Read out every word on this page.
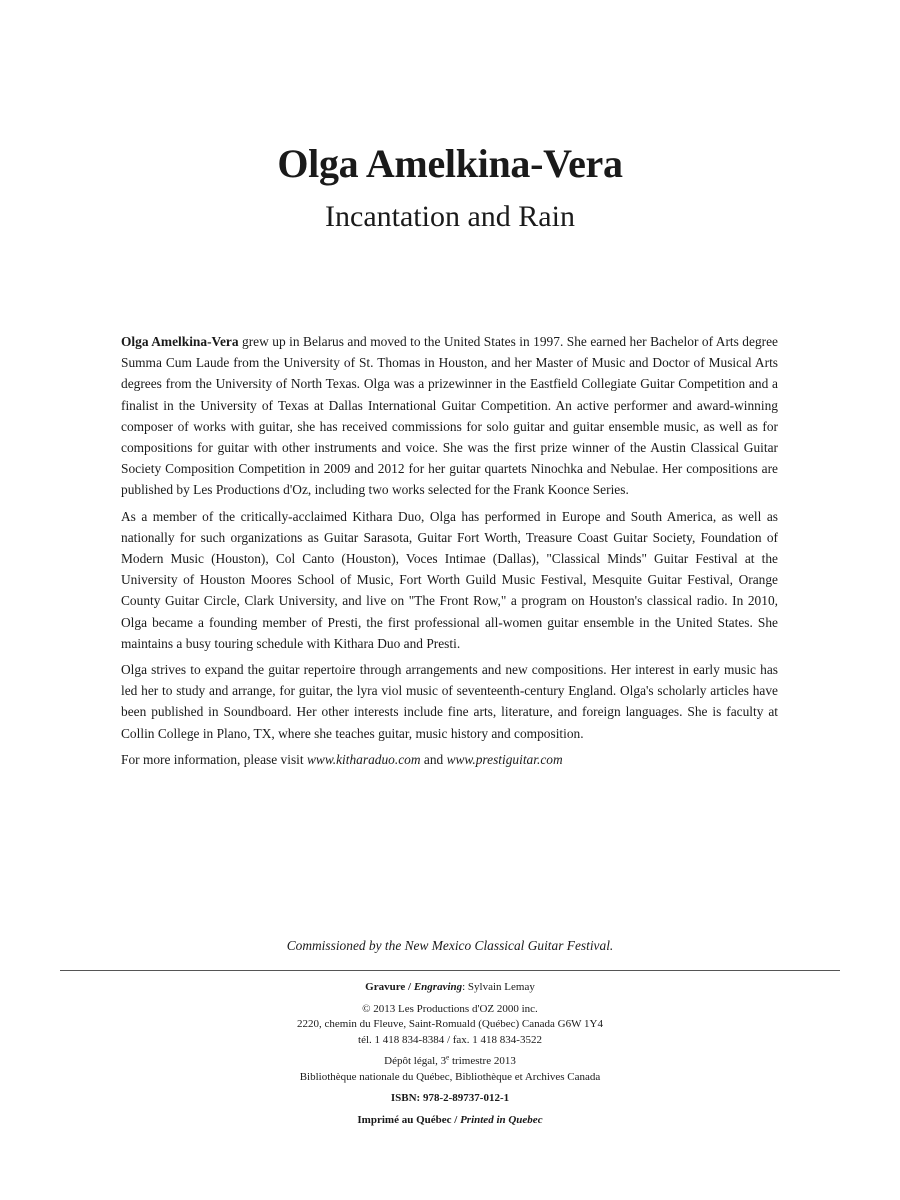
Olga Amelkina-Vera
Incantation and Rain

Olga Amelkina-Vera grew up in Belarus and moved to the United States in 1997. She earned her Bachelor of Arts degree Summa Cum Laude from the University of St. Thomas in Houston, and her Master of Music and Doctor of Musical Arts degrees from the University of North Texas. Olga was a prizewinner in the Eastfield Collegiate Guitar Competition and a finalist in the University of Texas at Dallas International Guitar Competition. An active performer and award-winning composer of works with guitar, she has received commissions for solo guitar and guitar ensemble music, as well as for compositions for guitar with other instruments and voice. She was the first prize winner of the Austin Classical Guitar Society Composition Competition in 2009 and 2012 for her guitar quartets Ninochka and Nebulae. Her compositions are published by Les Productions d'Oz, including two works selected for the Frank Koonce Series.

As a member of the critically-acclaimed Kithara Duo, Olga has performed in Europe and South America, as well as nationally for such organizations as Guitar Sarasota, Guitar Fort Worth, Treasure Coast Guitar Society, Foundation of Modern Music (Houston), Col Canto (Houston), Voces Intimae (Dallas), "Classical Minds" Guitar Festival at the University of Houston Moores School of Music, Fort Worth Guild Music Festival, Mesquite Guitar Festival, Orange County Guitar Circle, Clark University, and live on "The Front Row," a program on Houston's classical radio. In 2010, Olga became a founding member of Presti, the first professional all-women guitar ensemble in the United States. She maintains a busy touring schedule with Kithara Duo and Presti.

Olga strives to expand the guitar repertoire through arrangements and new compositions. Her interest in early music has led her to study and arrange, for guitar, the lyra viol music of seventeenth-century England. Olga's scholarly articles have been published in Soundboard. Her other interests include fine arts, literature, and foreign languages. She is faculty at Collin College in Plano, TX, where she teaches guitar, music history and composition.

For more information, please visit www.kitharaduo.com and www.prestiguitar.com

Commissioned by the New Mexico Classical Guitar Festival.

Gravure / Engraving: Sylvain Lemay

© 2013 Les Productions d'OZ 2000 inc.

2220, chemin du Fleuve, Saint-Romuald (Québec) Canada G6W 1Y4

tél. 1 418 834-8384 / fax. 1 418 834-3522

Dépôt légal, 3e trimestre 2013

Bibliothèque nationale du Québec, Bibliothèque et Archives Canada

ISBN: 978-2-89737-012-1

Imprimé au Québec / Printed in Quebec
